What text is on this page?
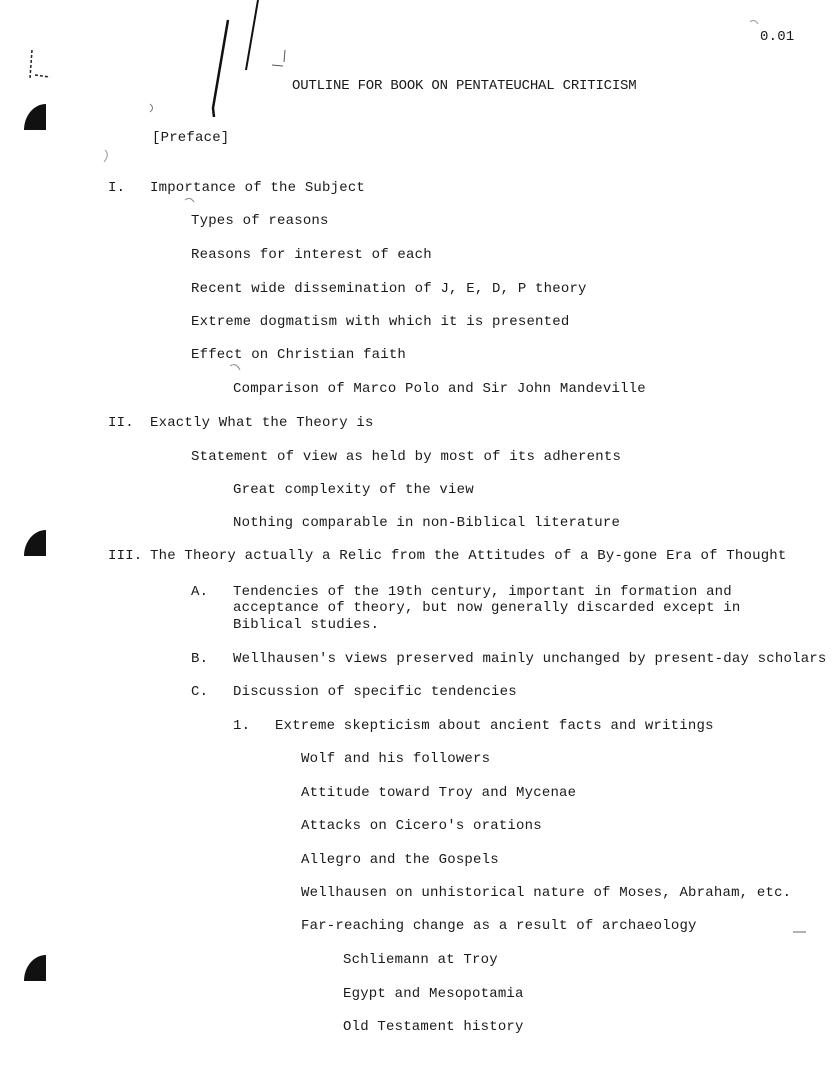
0.01
OUTLINE FOR BOOK ON PENTATEUCHAL CRITICISM
[Preface]
I. Importance of the Subject
Types of reasons
Reasons for interest of each
Recent wide dissemination of J, E, D, P theory
Extreme dogmatism with which it is presented
Effect on Christian faith
Comparison of Marco Polo and Sir John Mandeville
II. Exactly What the Theory is
Statement of view as held by most of its adherents
Great complexity of the view
Nothing comparable in non-Biblical literature
III. The Theory actually a Relic from the Attitudes of a By-gone Era of Thought
A. Tendencies of the 19th century, important in formation and
acceptance of theory, but now generally discarded except in
Biblical studies.
B. Wellhausen's views preserved mainly unchanged by present-day scholars
C. Discussion of specific tendencies
1. Extreme skepticism about ancient facts and writings
Wolf and his followers
Attitude toward Troy and Mycenae
Attacks on Cicero's orations
Allegro and the Gospels
Wellhausen on unhistorical nature of Moses, Abraham, etc.
Far-reaching change as a result of archaeology
Schliemann at Troy
Egypt and Mesopotamia
Old Testament history
